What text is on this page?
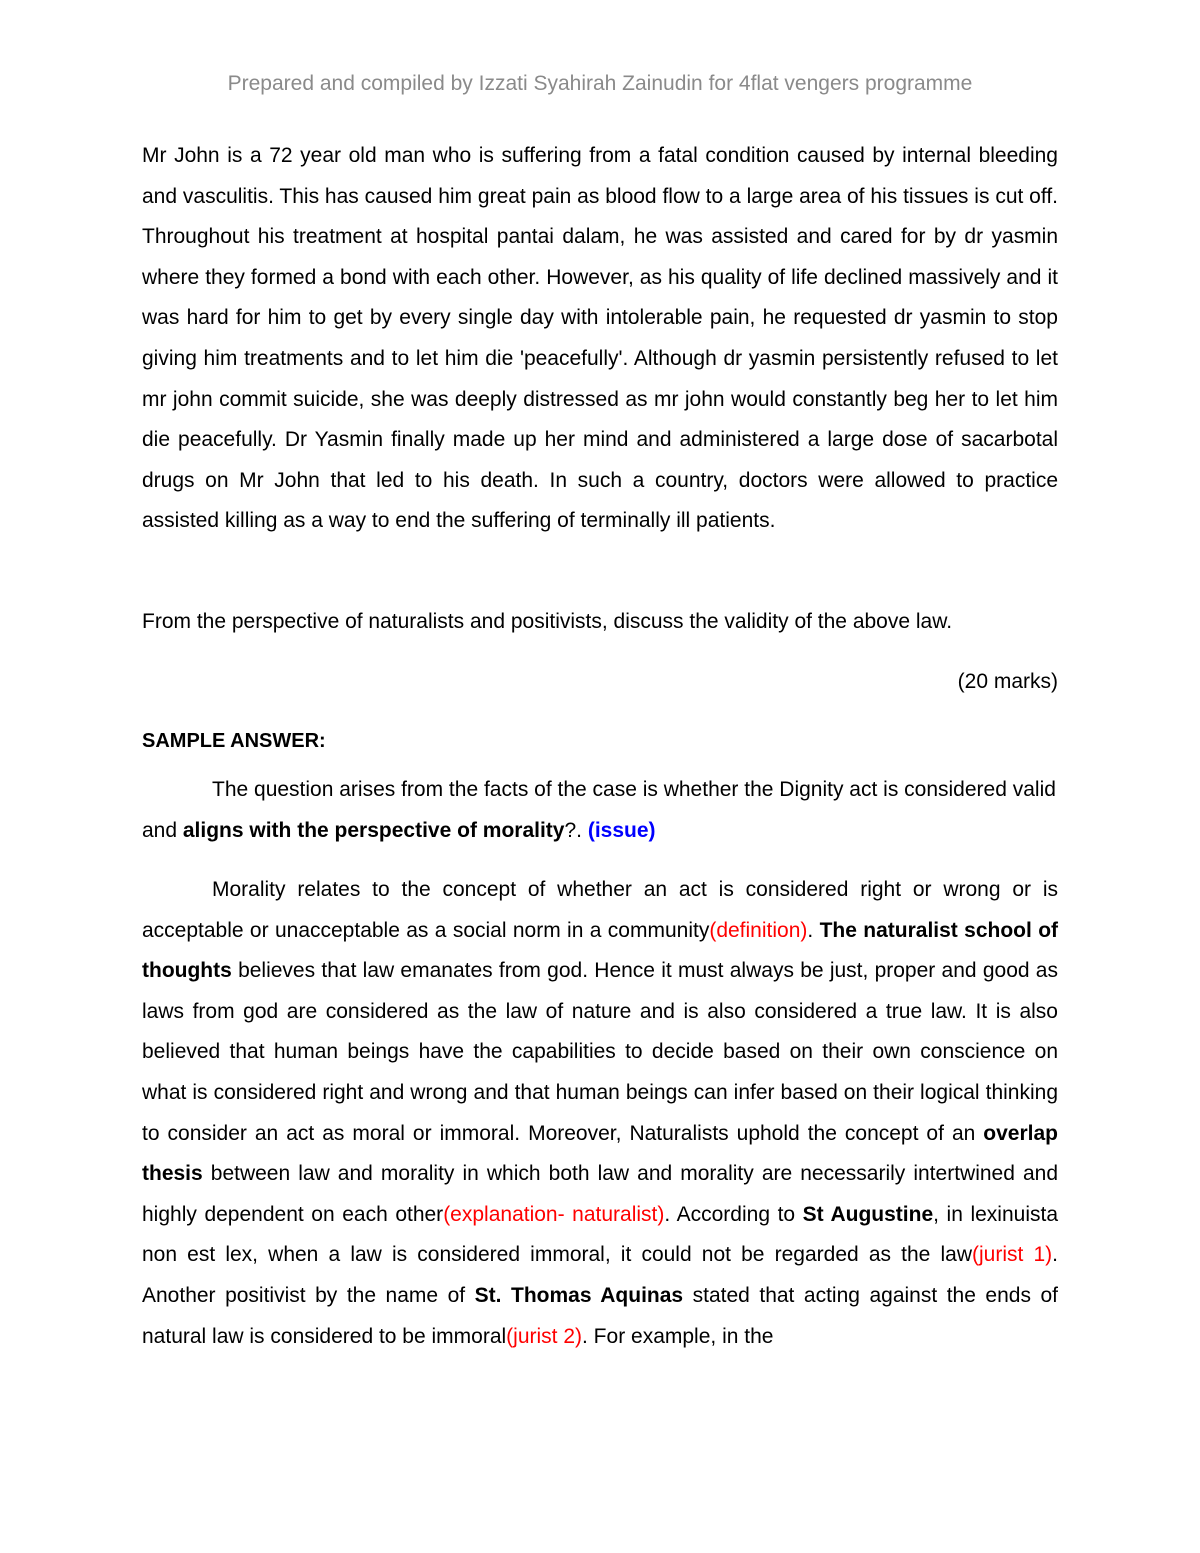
Prepared and compiled by Izzati Syahirah Zainudin for 4flat vengers programme

Mr John is a 72 year old man who is suffering from a fatal condition caused by internal bleeding and vasculitis. This has caused him great pain as blood flow to a large area of his tissues is cut off. Throughout his treatment at hospital pantai dalam, he was assisted and cared for by dr yasmin where they formed a bond with each other. However, as his quality of life declined massively and it was hard for him to get by every single day with intolerable pain, he requested dr yasmin to stop giving him treatments and to let him die 'peacefully'. Although dr yasmin persistently refused to let mr john commit suicide, she was deeply distressed as mr john would constantly beg her to let him die peacefully. Dr Yasmin finally made up her mind and administered a large dose of sacarbotal drugs on Mr John that led to his death. In such a country, doctors were allowed to practice assisted killing as a way to end the suffering of terminally ill patients.

From the perspective of naturalists and positivists, discuss the validity of the above law.

(20 marks)

SAMPLE ANSWER:

The question arises from the facts of the case is whether the Dignity act is considered valid and aligns with the perspective of morality?. (issue)

Morality relates to the concept of whether an act is considered right or wrong or is acceptable or unacceptable as a social norm in a community(definition). The naturalist school of thoughts believes that law emanates from god. Hence it must always be just, proper and good as laws from god are considered as the law of nature and is also considered a true law. It is also believed that human beings have the capabilities to decide based on their own conscience on what is considered right and wrong and that human beings can infer based on their logical thinking to consider an act as moral or immoral. Moreover, Naturalists uphold the concept of an overlap thesis between law and morality in which both law and morality are necessarily intertwined and highly dependent on each other(explanation- naturalist). According to St Augustine, in lexinuista non est lex, when a law is considered immoral, it could not be regarded as the law(jurist 1). Another positivist by the name of St. Thomas Aquinas stated that acting against the ends of natural law is considered to be immoral(jurist 2). For example, in the
